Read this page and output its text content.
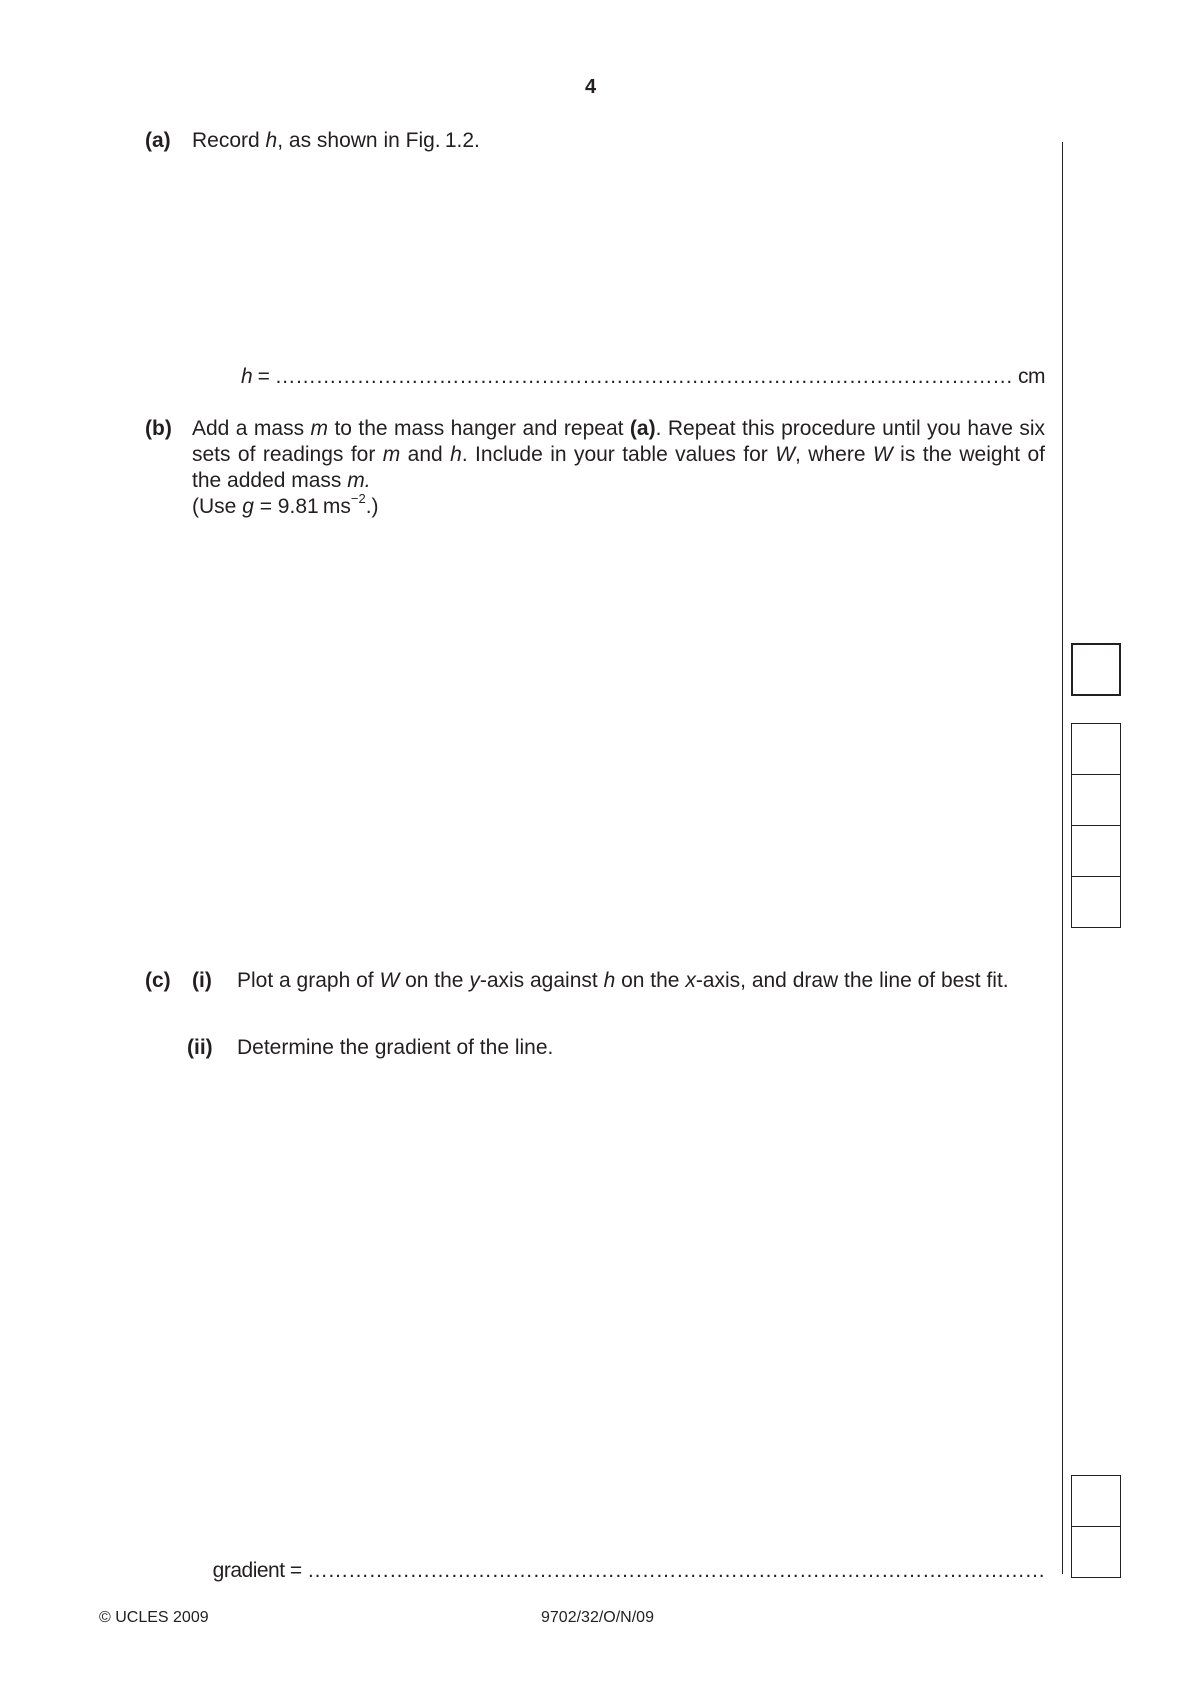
4
(a) Record h, as shown in Fig. 1.2.
h = ……………………………………………………………………………………………… cm
(b) Add a mass m to the mass hanger and repeat (a). Repeat this procedure until you have six sets of readings for m and h. Include in your table values for W, where W is the weight of the added mass m.
(Use g = 9.81 $ms^{-2}$.)
(c) (i) Plot a graph of W on the y-axis against h on the x-axis, and draw the line of best fit.
(ii) Determine the gradient of the line.
gradient = ………………………………………………………………………………………………
© UCLES 2009	9702/32/O/N/09
